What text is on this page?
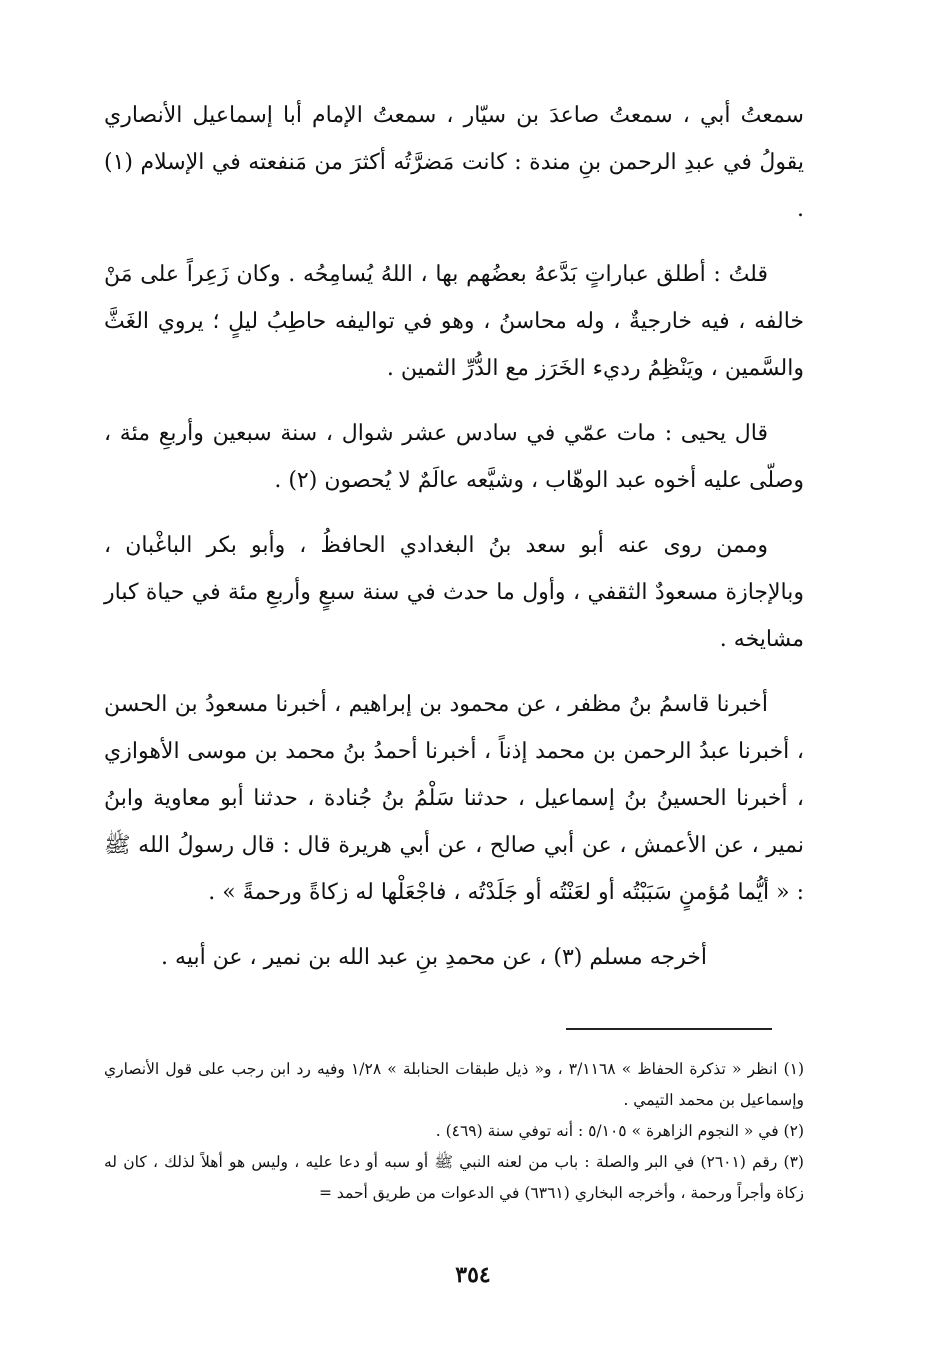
سمعتُ أبي ، سمعتُ صاعدَ بن سيّار ، سمعتُ الإمام أبا إسماعيل الأنصاري يقولُ في عبدِ الرحمن بنِ مندة : كانت مَضرَّتُه أكثرَ من مَنفعته في الإسلام (١) .

قلتُ : أطلق عباراتٍ بَدَّعهُ بعضُهم بها ، اللهُ يُسامِحُه . وكان زَعِراً على مَنْ خالفه ، فيه خارجيةٌ ، وله محاسنُ ، وهو في تواليفه حاطِبُ ليلٍ ؛ يروي الغَثَّ والسَّمين ، ويَنْظِمُ رديء الخَرَز مع الدُّرِّ الثمين .

قال يحيى : مات عمّي في سادس عشر شوال ، سنة سبعين وأربعِ مئة ، وصلّى عليه أخوه عبد الوهّاب ، وشيَّعه عالَمٌ لا يُحصون (٢) .

وممن روى عنه أبو سعد بنُ البغدادي الحافظُ ، وأبو بكر الباغْبان ، وبالإجازة مسعودٌ الثقفي ، وأول ما حدث في سنة سبعٍ وأربعِ مئة في حياة كبار مشايخه .

أخبرنا قاسمُ بنُ مظفر ، عن محمود بن إبراهيم ، أخبرنا مسعودُ بن الحسن ، أخبرنا عبدُ الرحمن بن محمد إذناً ، أخبرنا أحمدُ بنُ محمد بن موسى الأهوازي ، أخبرنا الحسينُ بنُ إسماعيل ، حدثنا سَلْمُ بنُ جُنادة ، حدثنا أبو معاوية وابنُ نمير ، عن الأعمش ، عن أبي صالح ، عن أبي هريرة قال : قال رسولُ الله ﷺ : « أيُّما مُؤمنٍ سَبَبْتُه أو لعَنْتُه أو جَلَدْتُه ، فاجْعَلْها له زكاةً ورحمةً » .

أخرجه مسلم (٣) ، عن محمدِ بنِ عبد الله بن نمير ، عن أبيه .

(١) انظر « تذكرة الحفاظ » ٣/١١٦٨ ، و« ذيل طبقات الحنابلة » ١/٢٨ وفيه رد ابن رجب على قول الأنصاري وإسماعيل بن محمد التيمي .

(٢) في « النجوم الزاهرة » ٥/١٠٥ : أنه توفي سنة (٤٦٩) .

(٣) رقم (٢٦٠١) في البر والصلة : باب من لعنه النبي ﷺ أو سبه أو دعا عليه ، وليس هو أهلاً لذلك ، كان له زكاة وأجراً ورحمة ، وأخرجه البخاري (٦٣٦١) في الدعوات من طريق أحمد =

٣٥٤
